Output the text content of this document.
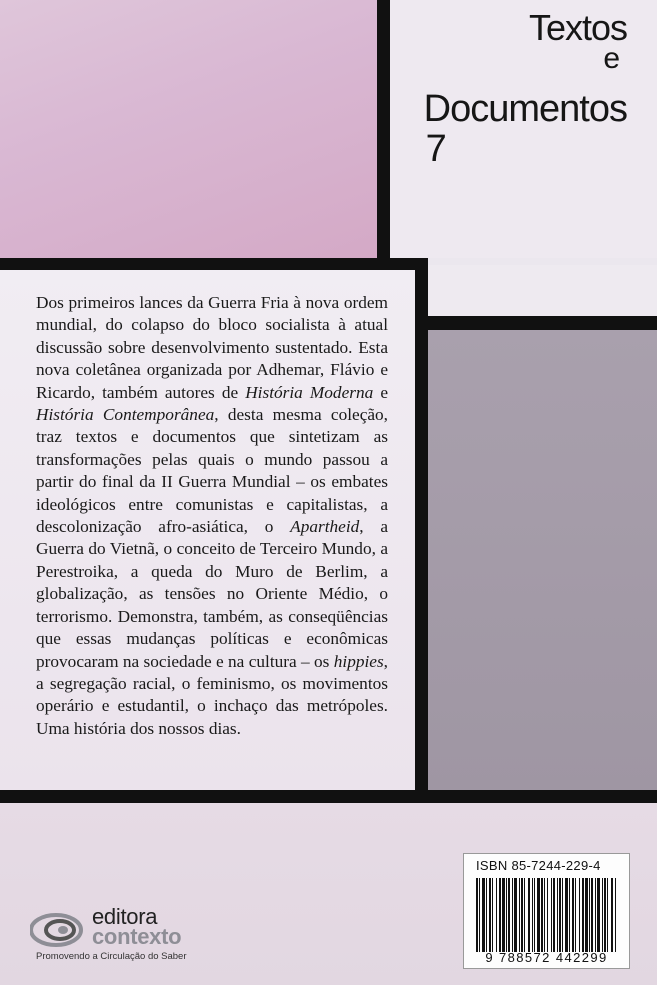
Textos
e
Documentos
7

Dos primeiros lances da Guerra Fria à nova ordem mundial, do colapso do bloco socialista à atual discussão sobre desenvolvimento sustentado. Esta nova coletânea organizada por Adhemar, Flávio e Ricardo, também autores de História Moderna e História Contemporânea, desta mesma coleção, traz textos e documentos que sintetizam as transformações pelas quais o mundo passou a partir do final da II Guerra Mundial – os embates ideológicos entre comunistas e capitalistas, a descolonização afro-asiática, o Apartheid, a Guerra do Vietnã, o conceito de Terceiro Mundo, a Perestroika, a queda do Muro de Berlim, a globalização, as tensões no Oriente Médio, o terrorismo. Demonstra, também, as conseqüências que essas mudanças políticas e econômicas provocaram na sociedade e na cultura – os hippies, a segregação racial, o feminismo, os movimentos operário e estudantil, o inchaço das metrópoles. Uma história dos nossos dias.

ISBN 85-7244-229-4
9 788572 442299
editora
contexto
Promovendo a Circulação do Saber
